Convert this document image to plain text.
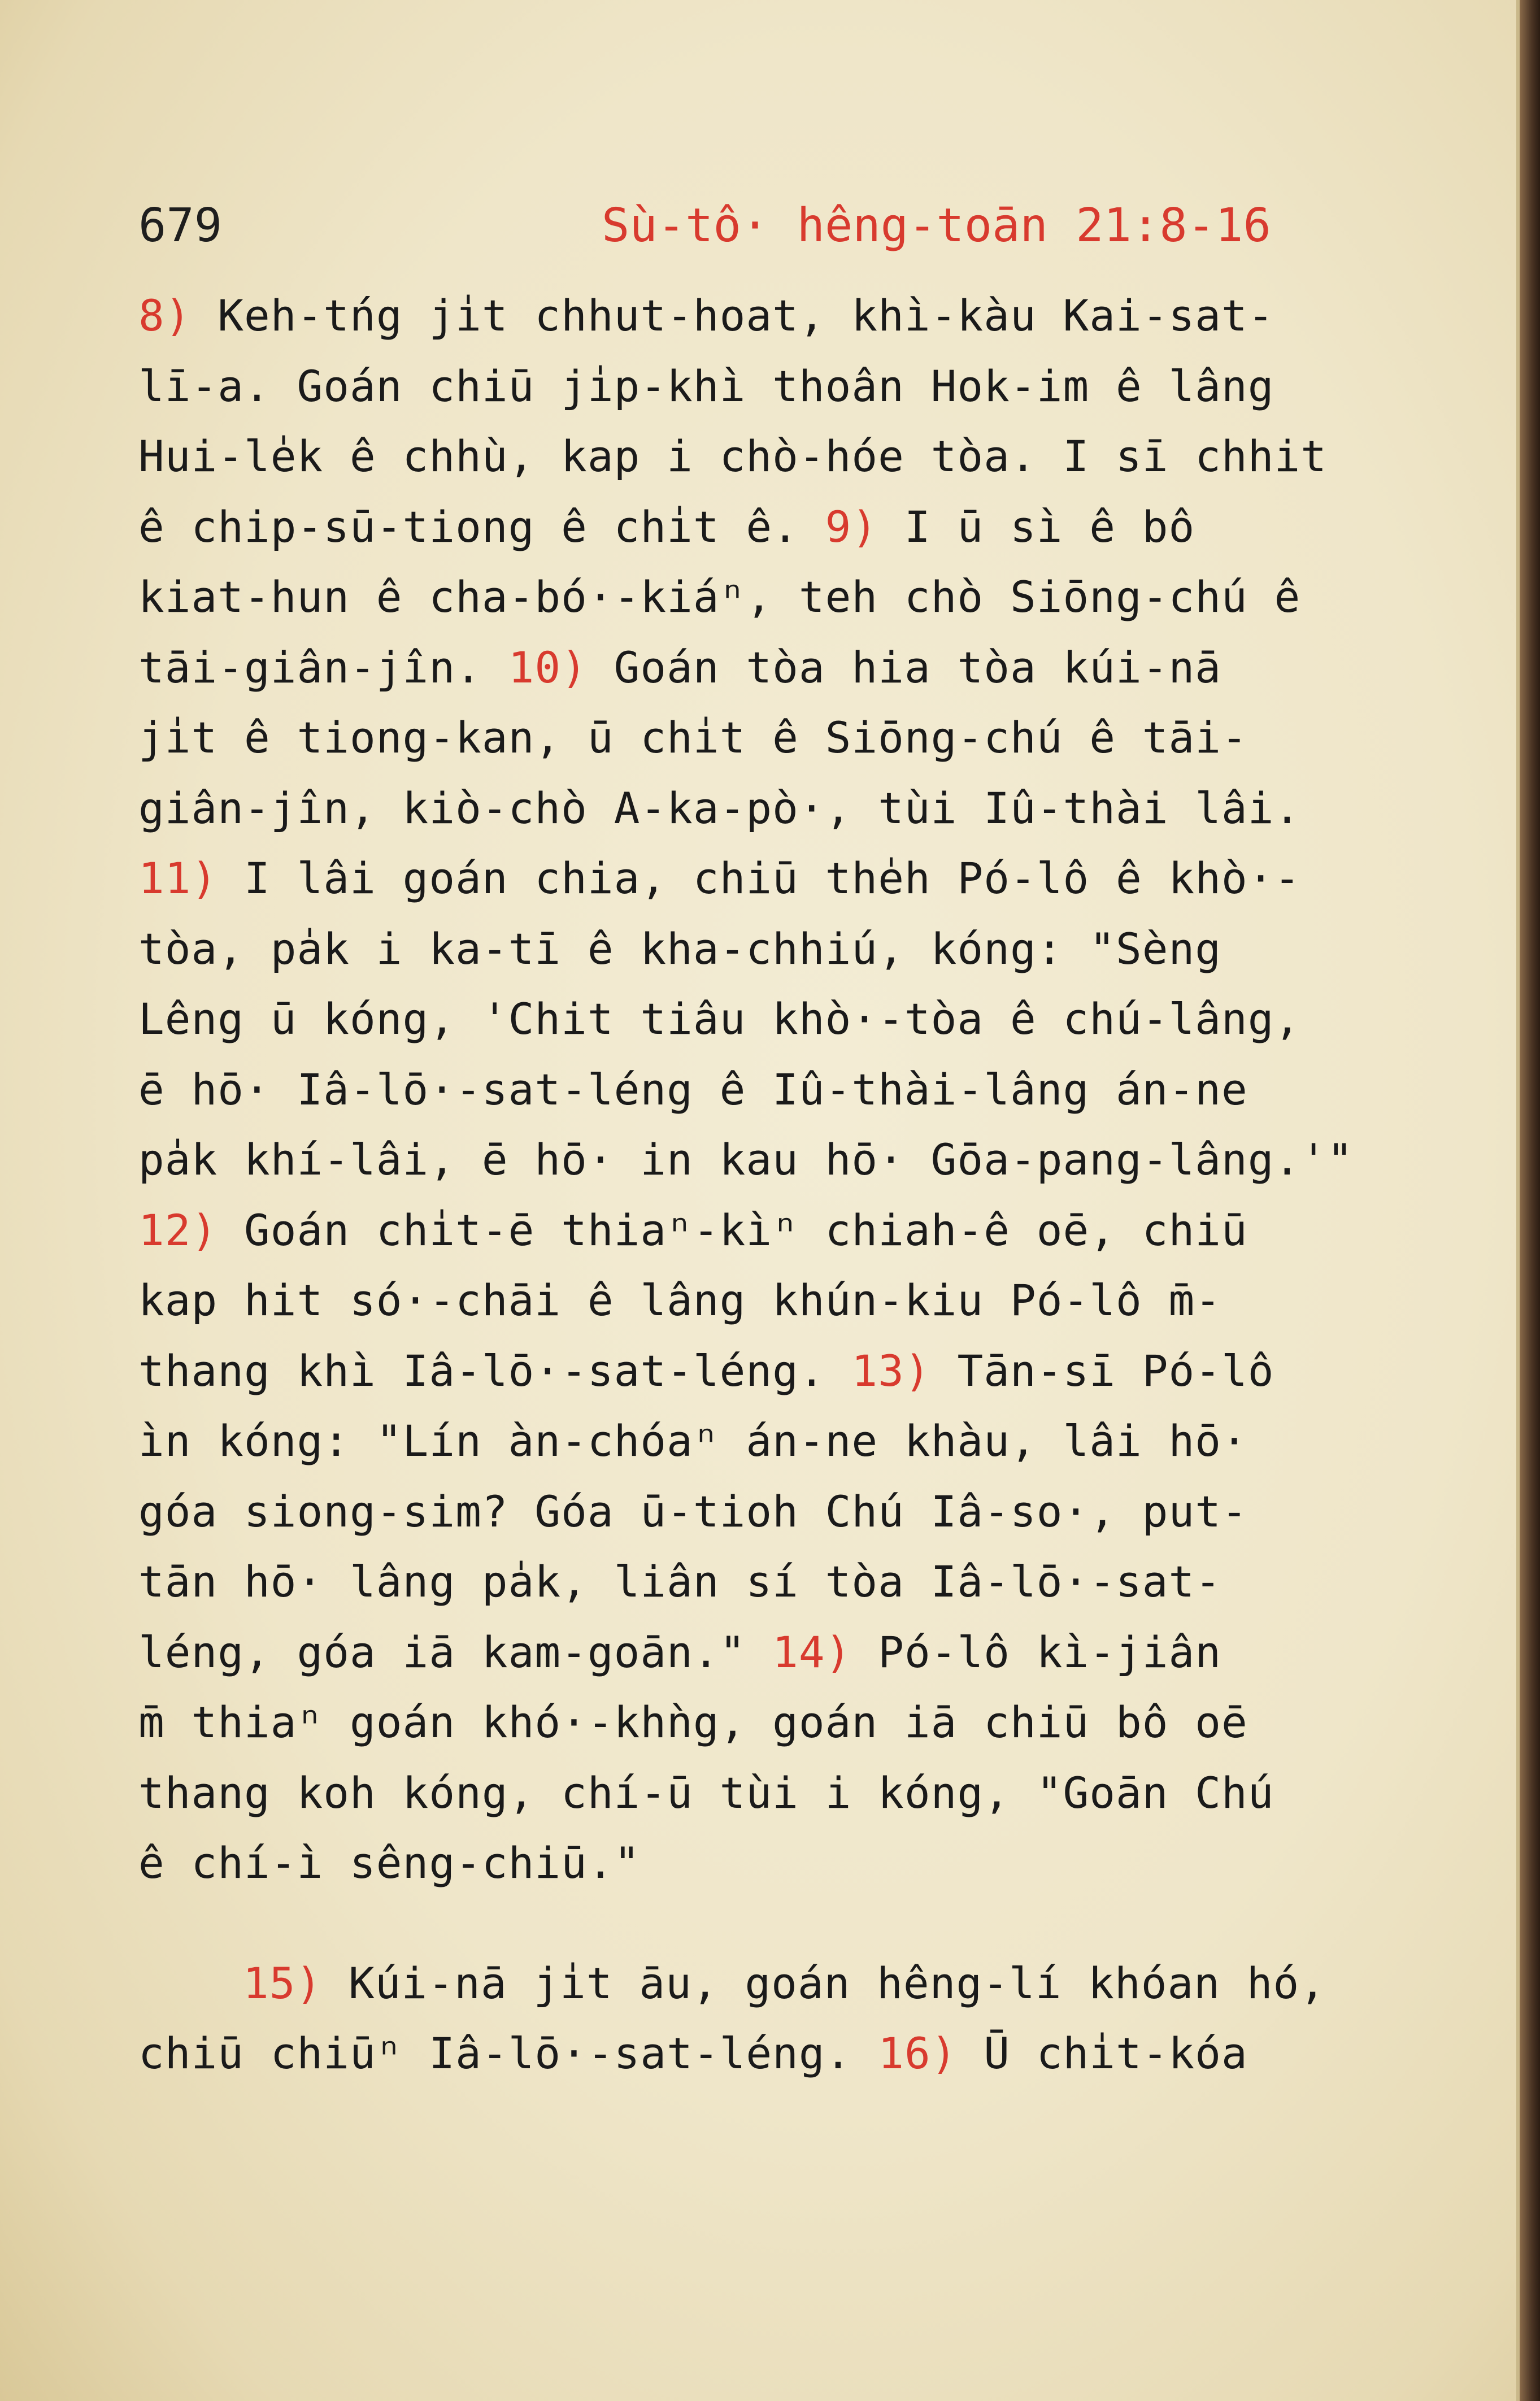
679	Sù-tô· hêng-toān 21:8-16
8) Keh-tńg jı̍t chhut-hoat, khì-kàu Kai-sat-
lī-a. Goán chiū ji̍p-khì thoân Hok-im ê lâng
Hui-le̍k ê chhù, kap i chò-hóe tòa. I sī chhit
ê chip-sū-tiong ê chı̍t ê. 9) I ū sì ê bô
kiat-hun ê cha-bó·-kiáⁿ, teh chò Siōng-chú ê
tāi-giân-jîn. 10) Goán tòa hia tòa kúi-nā
jı̍t ê tiong-kan, ū chı̍t ê Siōng-chú ê tāi-
giân-jîn, kiò-chò A-ka-pò·, tùi Iû-thài lâi.
11) I lâi goán chia, chiū the̍h Pó-lô ê khò·-
tòa, pa̍k i ka-tī ê kha-chhiú, kóng: "Sèng
Lêng ū kóng, 'Chit tiâu khò·-tòa ê chú-lâng,
ē hō· Iâ-lō·-sat-léng ê Iû-thài-lâng án-ne
pa̍k khí-lâi, ē hō· in kau hō· Gōa-pang-lâng.'"
12) Goán chı̍t-ē thiaⁿ-kìⁿ chiah-ê oē, chiū
kap hit só·-chāi ê lâng khún-kiu Pó-lô m̄-
thang khì Iâ-lō·-sat-léng. 13) Tān-sī Pó-lô
ìn kóng: "Lín àn-chóaⁿ án-ne khàu, lâi hō·
góa siong-sim? Góa ū-tioh Chú Iâ-so·, put-
tān hō· lâng pa̍k, liân sí tòa Iâ-lō·-sat-
léng, góa iā kam-goān." 14) Pó-lô kì-jiân
m̄ thiaⁿ goán khó·-khǹg, goán iā chiū bô oē
thang koh kóng, chí-ū tùi i kóng, "Goān Chú
ê chí-ì sêng-chiū."
15) Kúi-nā jı̍t āu, goán hêng-lí khóan hó,
chiū chiūⁿ Iâ-lō·-sat-léng. 16) Ū chı̍t-kóa
